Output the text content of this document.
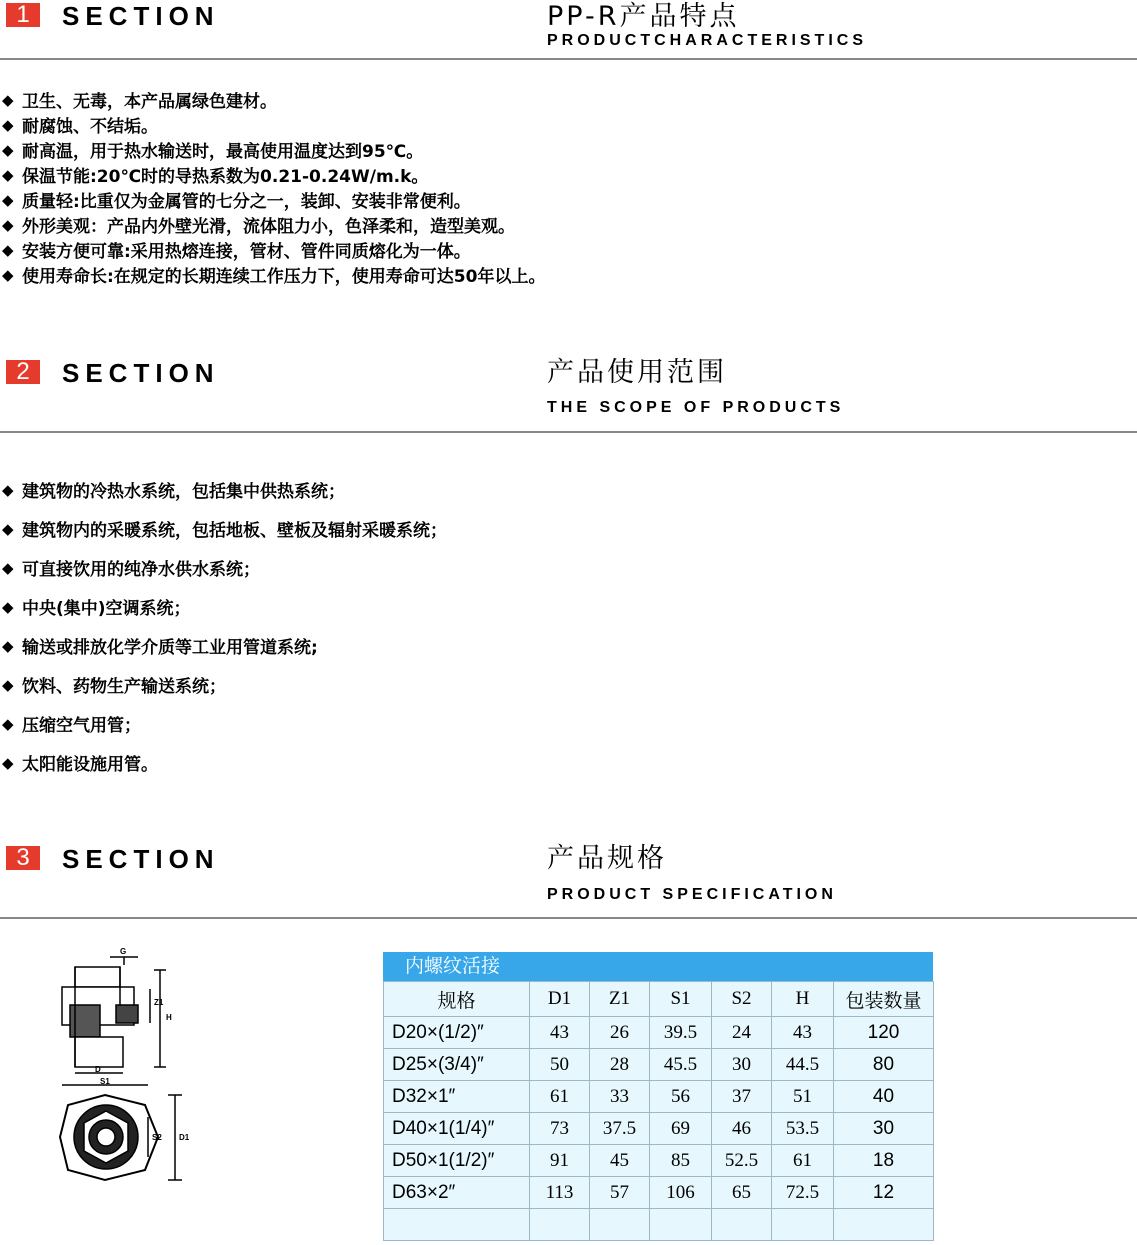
1	SECTION	PP-R产品特点
PRODUCTCHARACTERISTICS
◆ 卫生、无毒，本产品属绿色建材。
◆ 耐腐蚀、不结垢。
◆ 耐高温，用于热水输送时，最高使用温度达到95℃。
◆ 保温节能:20℃时的导热系数为0.21-0.24W/m.k。
◆ 质量轻:比重仅为金属管的七分之一，装卸、安装非常便利。
◆ 外形美观：产品内外壁光滑，流体阻力小，色泽柔和，造型美观。
◆ 安装方便可靠:采用热熔连接，管材、管件同质熔化为一体。
◆ 使用寿命长:在规定的长期连续工作压力下，使用寿命可达50年以上。
2	SECTION	产品使用范围
THE SCOPE OF PRODUCTS
◆ 建筑物的冷热水系统，包括集中供热系统；
◆ 建筑物内的采暖系统，包括地板、壁板及辐射采暖系统；
◆ 可直接饮用的纯净水供水系统；
◆ 中央(集中)空调系统；
◆ 输送或排放化学介质等工业用管道系统;
◆ 饮料、药物生产输送系统；
◆ 压缩空气用管；
◆ 太阳能设施用管。
3	SECTION	产品规格
PRODUCT SPECIFICATION
G
Z1
H
D
S1
S2 D1
内螺纹活接
规格	D1	Z1	S1	S2	H	包装数量
D20×(1/2)″	43	26	39.5	24	43	120
D25×(3/4)″	50	28	45.5	30	44.5	80
D32×1″	61	33	56	37	51	40
D40×1(1/4)″	73	37.5	69	46	53.5	30
D50×1(1/2)″	91	45	85	52.5	61	18
D63×2″	113	57	106	65	72.5	12
